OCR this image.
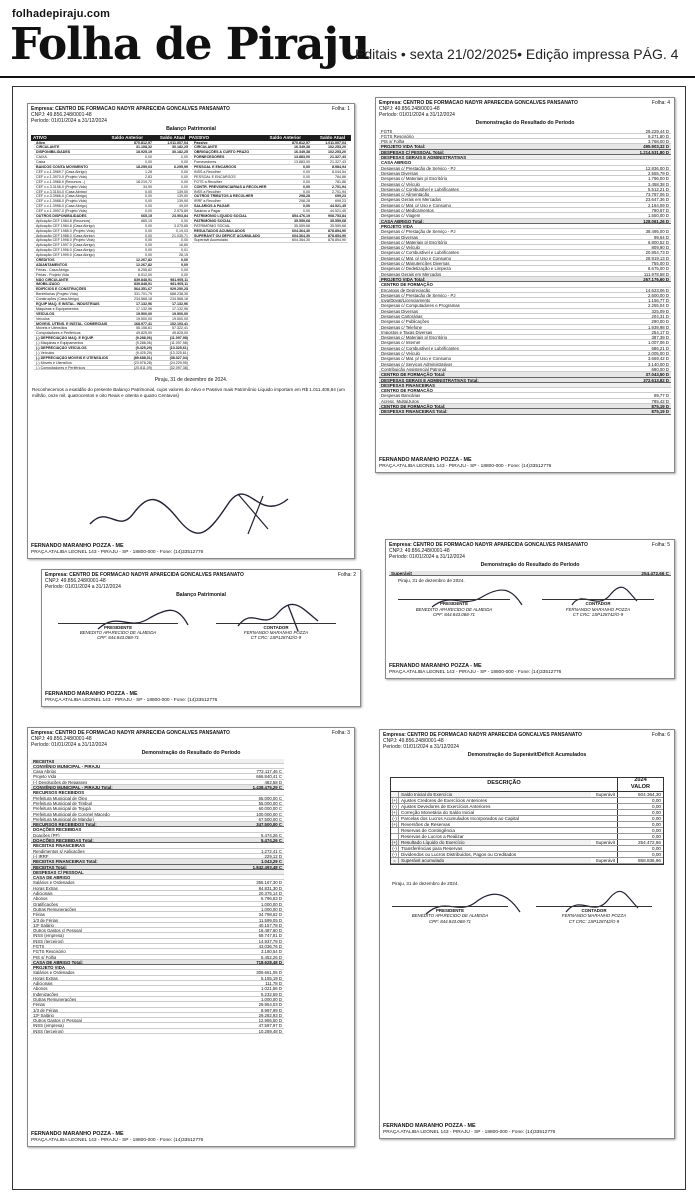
folhadepiraju.com
Folha de Piraju
Editais • sexta 21/02/2025• Edição impressa PÁG. 4
Empresa: CENTRO DE FORMACAO NADYR APARECIDA GONCALVES PANSANATO
CNPJ: 49.856.248/0001-48
Período: 01/01/2024 a 31/12/2024
Folha: 1
Balanço Patrimonial
ATIVO	Saldo Anterior	Saldo Atual PASSIVO	Saldo Anterior	Saldo Atual
Ativo	870.812,97	1.011.007,04
CIRCULANTE	31.108,32	30.182,25
DISPONIBILIDADES	18.925,19	30.182,25
CAIXA	0,00	0,00
Caixa	0,00	0,00
BANCOS CONTA MOVIMENTO	18.259,03	6.295,99
CEF c.c.1.3969.7 (Casa Abrigo)	1,28	0,00
CEF c.c.1.3970-0 (Projeto Vida)	2,83	0,00
CEF c.c.1.3968.9 (Recursos...)	18.219,72	0,00
CEF c.c.3.3156-0 (Projeto Vida)	34,90	0,00
CEF c.c.3.3154-0 (Casa Abrigo)	0,00	139,00
CEF c.c.3.3966-0 (Casa Abrigo)	0,00	139,90
CEF c.c.1.3988-0 (Projeto Vida)	0,00	139,90
CEF c.c.1.3996-0 (Casa Abrigo)	0,00	49,00
CEF c.c.1.3997-0 (Projeto Vida)	0,00	2.975,89
OUTROS DISPONIBILIDADES	665,15	23.903,84
Aplicação CEF 1984.8 (Recursos)	665,15	0,00
Aplicação CEF 1984.8 (Casa Abrigo)	0,00	3.075,85
Aplicação CEF 1985.0 (Projeto Vida)	0,00	0,19,03
Aplicação CEF 1988.0 (Casa Abrigo)	0,00	21.035,71
Aplicação CEF 1998.0 (Projeto Vida)	0,00	0,00
Aplicação CEF 1997.0 (Casa Abrigo)	0,00	16,60
Aplicação CEF 1996.0 (Casa Abrigo)	0,00	0,01
Aplicação CEF 1999.0 (Casa Abrigo)	0,00	28,15
CRÉDITOS	12.267,82	0,00
ADIANTAMENTOS	12.267,82	0,00
Férias - Casa Abrigo	6.255,82	0,00
Férias - Projeto Vida	6.012,00	0,00
NÃO CIRCULANTE	839.848,91	981.905,11
IMOBILIZADO	839.848,91	981.905,11
EDIFÍCIOS E CONSTRUÇÕES	564.351,67	929.250,25
Benfeitorias (Projeto Vida)	331.701,79	688.238,35
Construções (Casa Abrigo)	234.568,18	234.568,18
EQUIP MAQ. E INSTAL. INDUSTRIAIS	17.132,96	17.132,96
Máquinas e Equipamentos	17.132,96	17.132,96
VEÍCULOS	19.500,00	19.500,00
Veículos	19.500,00	19.500,00
MÓVEIS, UTENS. E INSTAL. COMERCIAIS	168.977,41	102.103,41
Móveis e Utensílios	55.156,61	57.322,41
Computadores e Periféricos	49.825,00	49.825,00
(-) DEPRECIAÇÃO MAQ. E EQUIP.	(9.288,06)	(11.097,98)
(-) Máquinas e Equipamentos	(9.288,06)	(11.097,98)
(-) DEPRECIAÇÃO VEÍCULOS	(9.425,29)	(13.325,61)
(-) Veículos	(9.425,29)	(13.325,61)
(-) DEPRECIAÇÃO MÓVEIS E UTENSÍLIOS	(89.688,01)	(38.327,04)
(-) Móveis e Utensílios	(23.978,28)	(24.229,95)
(-) Computadores e Periféricos	(20.811,09)	(32.097,38)
Passivo	870.812,97	1.011.007,04
CIRCULANTE	16.349,38	102.253,20
OBRIGAÇÕES A CURTO PRAZO	16.349,38	102.253,20
FORNECEDORES	13.883,00	21.327,43
Fornecedores	13.883,00	21.327,43
PESSOAL E ENCARGOS	0,00	8.984,94
INSS a Recolher	0,00	8.044,54
PESSOAL E ENCARGOS	0,00	784,86
FGTS a Recolher	0,00	781,86
CONTR. PREVIDENCIÁRIAS A RECOLHER	0,00	2.701,94
INSS a Recolher	0,00	2.701,94
OUTROS TRIBUTOS A RECOLHER	298,28	699,23
IRRF a Recolher	298,28	699,23
SALÁRIOS A PAGAR	0,00	44.521,45
Salários a Pagar	0,00	44.521,45
PATRIMÔNIO LÍQUIDO SOCIAL	854.476,19	908.753,84
PATRIMÔNIO SOCIAL	35.559,68	35.559,68
PATRIMÔNIO SOCIAL	35.559,68	35.559,68
RESULTADOS ACUMULADOS	604.364,30	878.854,90
SUPERÁVIT OU DÉFICIT ACUMULADO	604.364,30	878.854,90
Superávit Acumulado	604.364,30	878.854,90
Piraju, 31 de dezembro de 2024.
Reconhecemos a exatidão do presente Balanço Patrimonial, cujos valores do Ativo e Passivo mais Patrimônio Líquido importam em R$ 1.011.408,84 (um milhão, onze mil, quatrocentos e oito Reais e oitenta e quatro Centavos)
FERNANDO MARANHO POZZA - ME
PRAÇA ATALIBA LEONEL 143 - PIRAJU - SP - 18800-000 - Fone: (14)33512776
Empresa: CENTRO DE FORMACAO NADYR APARECIDA GONCALVES PANSANATO
CNPJ: 49.856.248/0001-48
Período: 01/01/2024 a 31/12/2024
Folha: 4
Demonstração do Resultado do Período
FGTS	29.229,44 D
FGTS Rescisório	9.271,80 D
PIS s/ Folha	3.768,00 D
PROJETO VIDA Total:	495.903,32 D
DESPESAS C/ PESSOAL Total:	1.214.531,80 D
DESPESAS GERAIS E ADMINISTRATIVAS
CASA ABRIGO
Despesas c/ Prestação de Serviço - PJ	12.836,00 D
Despesas Diversas	2.555,79 D
Despesas c/ Materiais p/ Escritório	1.796,00 D
Despesas c/ Veículo	3.458,38 D
Despesas c/ Combustível e Lubrificantes	5.512,21 D
Despesas c/ Alimentação	73.787,06 D
Despesas Gerais em Mercados	23.647,36 D
Despesas c/ Mat. p/ Uso e Consumo	2.164,09 D
Despesas c/ Medicamentos	790,67 D
Despesas c/ Viagem	1.550,00 D
CASA ABRIGO Total:	128.061,26 D
PROJETO VIDA
Despesas c/ Prestação de Serviço - PJ	38.495,00 D
Despesas Diversas	99,64 D
Despesas c/ Materiais p/ Escritório	6.800,52 D
Despesas c/ Veículo	809,90 D
Despesas c/ Combustível e Lubrificantes	20.854,73 D
Despesas c/ Mat. p/ Uso e Consumo	28.919,13 D
Despesas c/ Manutenções Diversas	755,00 D
Despesas c/ Dedetização e Limpeza	8.675,00 D
Despesas Gerais em Mercados	111.978,58 D
PROJETO VIDA Total:	267.176,60 D
CENTRO DE FORMAÇÃO
Encargos de Depreciação	14.623,06 D
Despesas c/ Prestação de Serviço - PJ	2.600,00 D
Ipva/Dpvat/Licenciamento	1.156,77 D
Despesas c/ Computadores e Programas	2.255,04 D
Despesas Diversas	325,09 D
Despesas Cartorárias	204,31 D
Despesas c/ Publicações	290,00 D
Despesas c/ Telefone	1.939,98 D
Impostos e Taxas Diversas	254,17 D
Despesas c/ Materiais p/ Escritório	387,39 D
Despesas c/ Internet	1.007,06 D
Despesas c/ Combustível e Lubrificantes	686,21 D
Despesas c/ Veículo	2.005,00 D
Despesas c/ Mat. p/ Uso e Consumo	3.669,42 D
Despesas c/ Serviços Administrativos	3.140,00 D
Contribuição Assistencial Patronal	690,00 D
CENTRO DE FORMAÇÃO Total:	37.043,50 D
DESPESAS GERAIS E ADMINISTRATIVAS Total:	372.613,82 D
DESPESAS FINANCEIRAS
CENTRO DE FORMAÇÃO
Despesas Bancárias	89,77 D
Acresc. Multa/Juros	785,42 D
CENTRO DE FORMAÇÃO Total:	875,19 D
DESPESAS FINANCEIRAS Total:	875,19 D
FERNANDO MARANHO POZZA - ME
PRAÇA ATALIBA LEONEL 143 - PIRAJU - SP - 18800-000 - Fone: (14)33512776
Empresa: CENTRO DE FORMACAO NADYR APARECIDA GONCALVES PANSANATO
CNPJ: 49.856.248/0001-48
Período: 01/01/2024 a 31/12/2024
Folha: 2
Balanço Patrimonial
PRESIDENTE
BENEDITO APARECIDO DE ALMEIDA
CPF: 844.843.068-71
CONTADOR
FERNANDO MARANHO POZZA
CT CRC: 1SP128742/O-9
FERNANDO MARANHO POZZA - ME
PRAÇA ATALIBA LEONEL 143 - PIRAJU - SP - 18800-000 - Fone: (14)33512776
Empresa: CENTRO DE FORMACAO NADYR APARECIDA GONCALVES PANSANATO
CNPJ: 49.856.248/0001-48
Período: 01/01/2024 a 31/12/2024
Folha: 5
Demonstração do Resultado do Período
Superávit	254.472,66 C
Piraju, 31 de dezembro de 2024.
PRESIDENTE
BENEDITO APARECIDO DE ALMEIDA
CPF: 844.843.068-71
CONTADOR
FERNANDO MARANHO POZZA
CT CRC: 1SP128742/O-9
FERNANDO MARANHO POZZA - ME
PRAÇA ATALIBA LEONEL 143 - PIRAJU - SP - 18800-000 - Fone: (14)33512776
Empresa: CENTRO DE FORMACAO NADYR APARECIDA GONCALVES PANSANATO
CNPJ: 49.856.248/0001-48
Período: 01/01/2024 a 31/12/2024
Folha: 3
Demonstração do Resultado do Período
RECEITAS
CONVÊNIO MUNICIPAL - PIRAJU
Casa Abrigo	772.117,46 C
Projeto Vida	666.840,41 C
(-) Devoluções de Repasses	482,58 D
CONVÊNIO MUNICIPAL - PIRAJU Total:	1.438.475,29 C
RECURSOS RECEBIDOS
Prefeitura Municipal de Óleo	65.000,00 C
Prefeitura Municipal de Timburi	55.000,00 C
Prefeitura Municipal de Tejupá	60.000,00 C
Prefeitura Municipal de Coronel Macedo	100.000,00 C
Prefeitura Municipal de Manduri	67.500,00 C
RECURSOS RECEBIDOS Total:	347.500,00 C
DOAÇÕES RECEBIDAS
Doações (PF)	5.474,26 C
DOAÇÕES RECEBIDAS Total:	5.474,26 C
RECEITAS FINANCEIRAS
Rendimentos s/ Aplicações	1.272,41 C
(-) IRRF	229,12 D
RECEITAS FINANCEIRAS Total:	1.043,29 C
RECEITAS Total:	1.842.493,48 C
DESPESAS C/ PESSOAL
CASA DE ABRIGO
Salários e Ordenados	355.167,30 D
Horas Extras	84.831,30 D
Adicionais	20.375,14 D
Abonos	6.796,63 D
Gratificações	1.000,00 D
Outras Remunerações	1.000,00 D
Férias	34.798,62 D
1/3 de Férias	11.599,05 D
13º Salário	40.157,78 D
Outros Gastos c/ Pessoal	16.487,60 D
INSS (empresa)	69.747,81 D
INSS (terceiros)	14.937,79 D
FGTS	43.036,76 D
FGTS Rescisório	3.180,54 D
PIS s/ Folha	5.452,26 D
CASA DE ABRIGO Total:	718.628,48 D
PROJETO VIDA
Salários e Ordenados	309.661,05 D
Horas Extras	5.155,19 D
Adicionais	111,78 D
Abonos	1.021,56 D
Indenizações	6.232,59 D
Outras Remunerações	1.000,00 D
Férias	29.954,03 D
1/3 de Férias	8.997,99 D
13º Salário	29.282,93 D
Outros Gastos c/ Pessoal	12.955,50 D
INSS (empresa)	47.597,97 D
INSS (terceiros)	10.289,48 D
FERNANDO MARANHO POZZA - ME
PRAÇA ATALIBA LEONEL 143 - PIRAJU - SP - 18800-000 - Fone: (14)33512776
Empresa: CENTRO DE FORMACAO NADYR APARECIDA GONCALVES PANSANATO
CNPJ: 49.856.248/0001-48
Período: 01/01/2024 a 31/12/2024
Folha: 6
Demonstração do Superávit/Déficit Acumulados
DESCRIÇÃO
2024
VALOR
Saldo Inicial do Exercício	Superávit	604.364,30
(+) Ajustes Credores de Exercícios Anteriores	0,00
(-) Ajustes Devedores de Exercícios Anteriores	0,00
(+) Correção Monetária do Saldo Inicial	0,00
(-) Parcelas dos Lucros Acumulados Incorporados ao Capital	0,00
(+) Reversões de Reservas	0,00
Reservas de Contingência	0,00
Reservas de Lucros a Realizar	0,00
(+) Resultado Líquido do Exercício	Superávit	254.472,66
(-) Transferências para Reservas	0,00
(-) Dividendos ou Lucros Distribuídos, Pagos ou Creditados	0,00
=	Superávit acumulado	Superávit	858.836,96
Piraju, 31 de dezembro de 2024.
PRESIDENTE
BENEDITO APARECIDO DE ALMEIDA
CPF: 844.843.068-71
CONTADOR
FERNANDO MARANHO POZZA
CT CRC: 1SP128742/O-9
FERNANDO MARANHO POZZA - ME
PRAÇA ATALIBA LEONEL 143 - PIRAJU - SP - 18800-000 - Fone: (14)33512776
